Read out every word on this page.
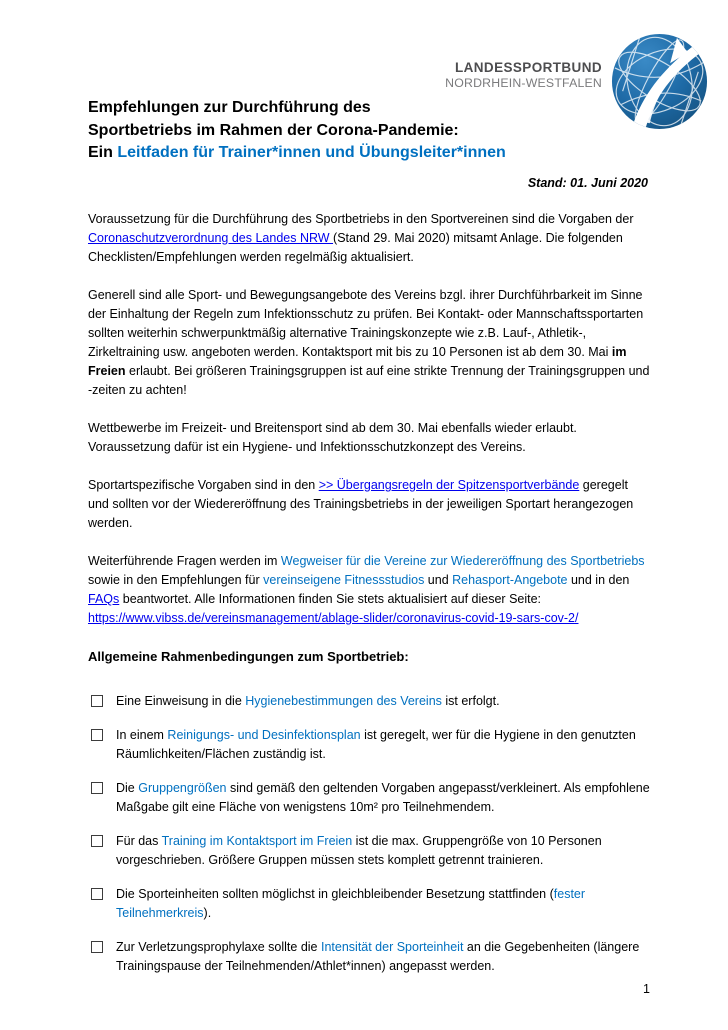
LANDESSPORTBUND
NORDRHEIN-WESTFALEN
Empfehlungen zur Durchführung des
Sportbetriebs im Rahmen der Corona-Pandemie:
Ein Leitfaden für Trainer*innen und Übungsleiter*innen
Stand: 01. Juni 2020

Voraussetzung für die Durchführung des Sportbetriebs in den Sportvereinen sind die Vorgaben der Coronaschutzverordnung des Landes NRW (Stand 29. Mai 2020) mitsamt Anlage. Die folgenden Checklisten/Empfehlungen werden regelmäßig aktualisiert.

Generell sind alle Sport- und Bewegungsangebote des Vereins bzgl. ihrer Durchführbarkeit im Sinne der Einhaltung der Regeln zum Infektionsschutz zu prüfen. Bei Kontakt- oder Mannschaftssportarten sollten weiterhin schwerpunktmäßig alternative Trainingskonzepte wie z.B. Lauf-, Athletik-, Zirkeltraining usw. angeboten werden. Kontaktsport mit bis zu 10 Personen ist ab dem 30. Mai im Freien erlaubt. Bei größeren Trainingsgruppen ist auf eine strikte Trennung der Trainingsgruppen und -zeiten zu achten!

Wettbewerbe im Freizeit- und Breitensport sind ab dem 30. Mai ebenfalls wieder erlaubt. Voraussetzung dafür ist ein Hygiene- und Infektionsschutzkonzept des Vereins.

Sportartspezifische Vorgaben sind in den >> Übergangsregeln der Spitzensportverbände geregelt und sollten vor der Wiedereröffnung des Trainingsbetriebs in der jeweiligen Sportart herangezogen werden.

Weiterführende Fragen werden im Wegweiser für die Vereine zur Wiedereröffnung des Sportbetriebs sowie in den Empfehlungen für vereinseigene Fitnessstudios und Rehasport-Angebote und in den FAQs beantwortet. Alle Informationen finden Sie stets aktualisiert auf dieser Seite: https://www.vibss.de/vereinsmanagement/ablage-slider/coronavirus-covid-19-sars-cov-2/

Allgemeine Rahmenbedingungen zum Sportbetrieb:
Eine Einweisung in die Hygienebestimmungen des Vereins ist erfolgt.
In einem Reinigungs- und Desinfektionsplan ist geregelt, wer für die Hygiene in den genutzten Räumlichkeiten/Flächen zuständig ist.
Die Gruppengrößen sind gemäß den geltenden Vorgaben angepasst/verkleinert. Als empfohlene Maßgabe gilt eine Fläche von wenigstens 10m² pro Teilnehmendem.
Für das Training im Kontaktsport im Freien ist die max. Gruppengröße von 10 Personen vorgeschrieben. Größere Gruppen müssen stets komplett getrennt trainieren.
Die Sporteinheiten sollten möglichst in gleichbleibender Besetzung stattfinden (fester Teilnehmerkreis).
Zur Verletzungsprophylaxe sollte die Intensität der Sporteinheit an die Gegebenheiten (längere Trainingspause der Teilnehmenden/Athlet*innen) angepasst werden.
1
